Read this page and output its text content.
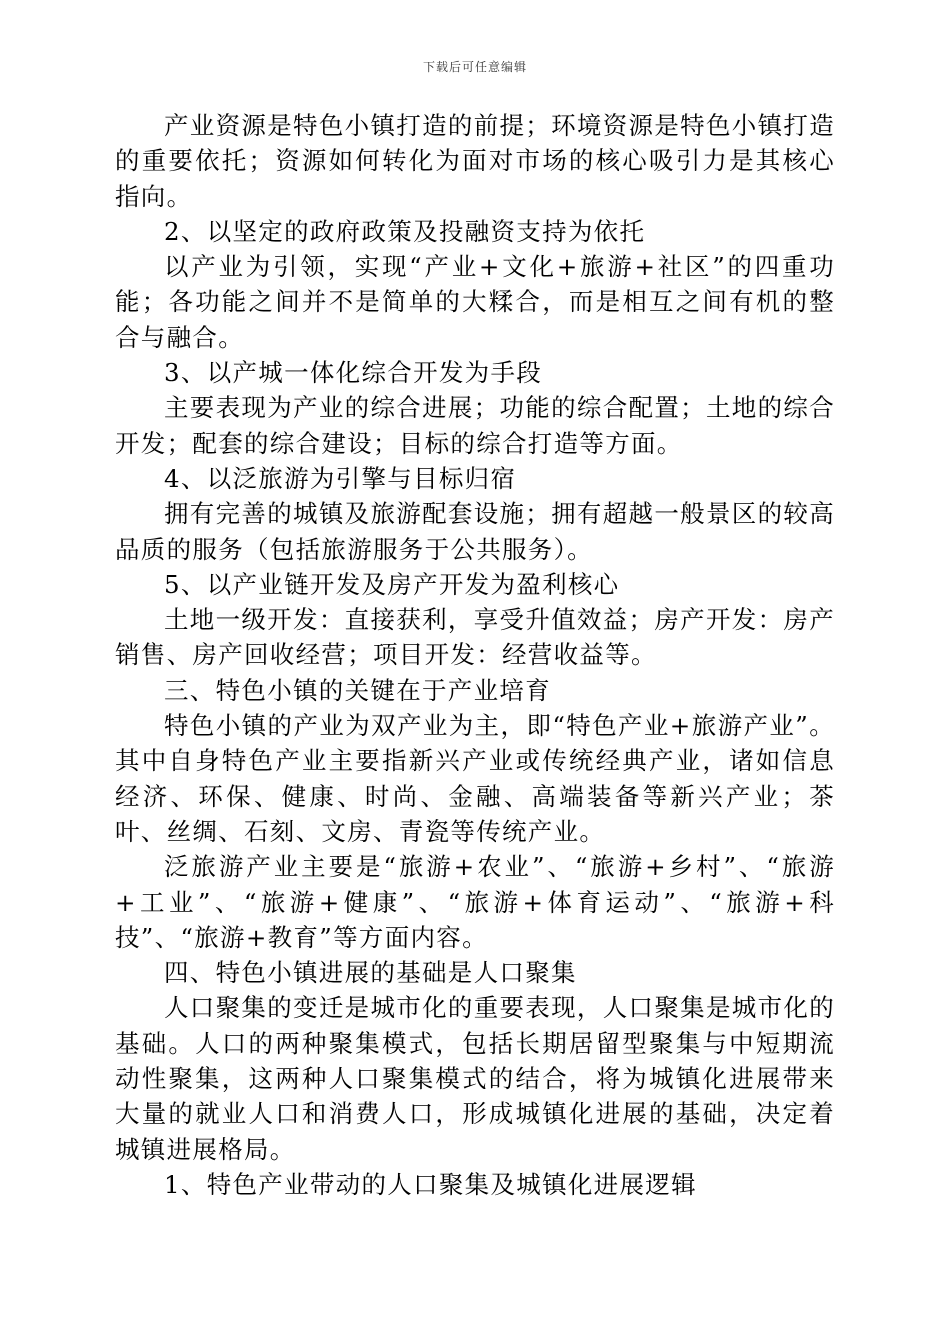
下载后可任意编辑

产业资源是特色小镇打造的前提；环境资源是特色小镇打造的重要依托；资源如何转化为面对市场的核心吸引力是其核心指向。

2、以坚定的政府政策及投融资支持为依托

以产业为引领，实现“产业+文化+旅游+社区”的四重功能；各功能之间并不是简单的大糅合，而是相互之间有机的整合与融合。

3、以产城一体化综合开发为手段

主要表现为产业的综合进展；功能的综合配置；土地的综合开发；配套的综合建设；目标的综合打造等方面。

4、以泛旅游为引擎与目标归宿

拥有完善的城镇及旅游配套设施；拥有超越一般景区的较高品质的服务（包括旅游服务于公共服务）。

5、以产业链开发及房产开发为盈利核心

土地一级开发：直接获利，享受升值效益；房产开发：房产销售、房产回收经营；项目开发：经营收益等。

三、特色小镇的关键在于产业培育

特色小镇的产业为双产业为主，即“特色产业+旅游产业”。其中自身特色产业主要指新兴产业或传统经典产业，诸如信息经济、环保、健康、时尚、金融、高端装备等新兴产业；茶叶、丝绸、石刻、文房、青瓷等传统产业。

泛旅游产业主要是“旅游+农业”、“旅游+乡村”、“旅游+工业”、“旅游+健康”、“旅游+体育运动”、“旅游+科技”、“旅游+教育”等方面内容。

四、特色小镇进展的基础是人口聚集

人口聚集的变迁是城市化的重要表现，人口聚集是城市化的基础。人口的两种聚集模式，包括长期居留型聚集与中短期流动性聚集，这两种人口聚集模式的结合，将为城镇化进展带来大量的就业人口和消费人口，形成城镇化进展的基础，决定着城镇进展格局。

1、特色产业带动的人口聚集及城镇化进展逻辑
